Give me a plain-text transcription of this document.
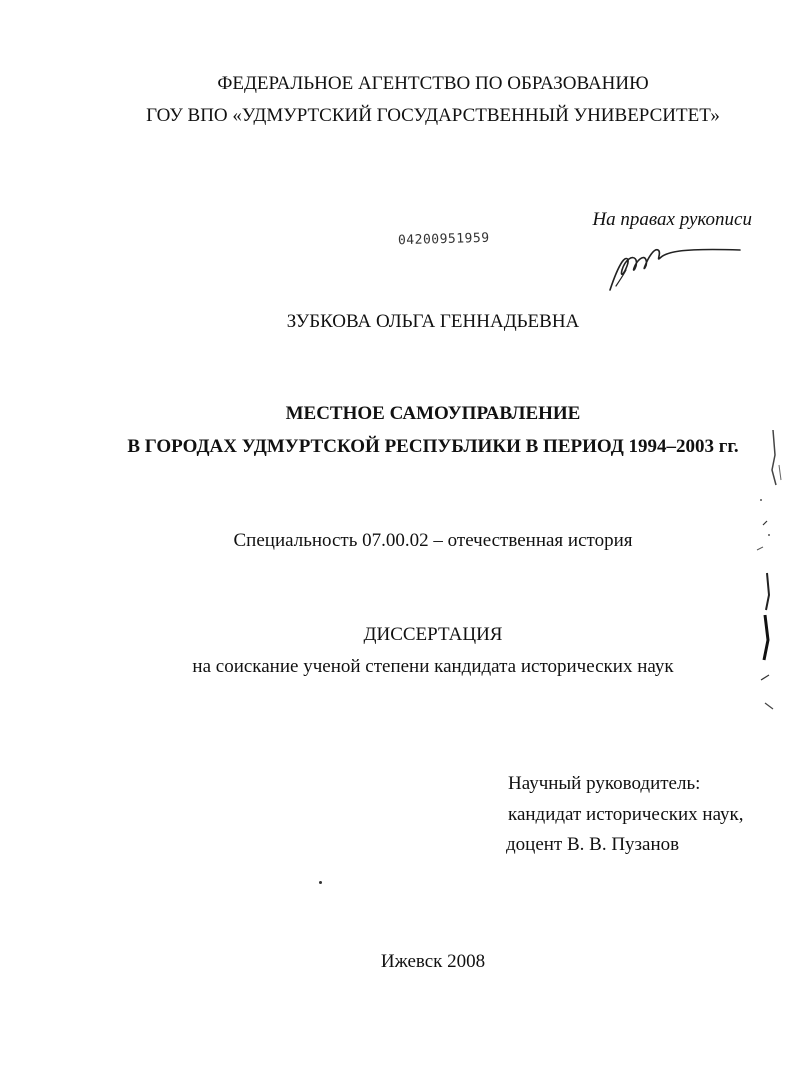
ФЕДЕРАЛЬНОЕ АГЕНТСТВО ПО ОБРАЗОВАНИЮ
ГОУ ВПО «УДМУРТСКИЙ ГОСУДАРСТВЕННЫЙ УНИВЕРСИТЕТ»
На правах рукописи
04200951959
ЗУБКОВА ОЛЬГА ГЕННАДЬЕВНА
МЕСТНОЕ САМОУПРАВЛЕНИЕ
В ГОРОДАХ УДМУРТСКОЙ РЕСПУБЛИКИ В ПЕРИОД 1994–2003 гг.
Специальность 07.00.02 – отечественная история
ДИССЕРТАЦИЯ
на соискание ученой степени кандидата исторических наук
Научный руководитель:
кандидат исторических наук,
доцент В. В. Пузанов
Ижевск 2008
